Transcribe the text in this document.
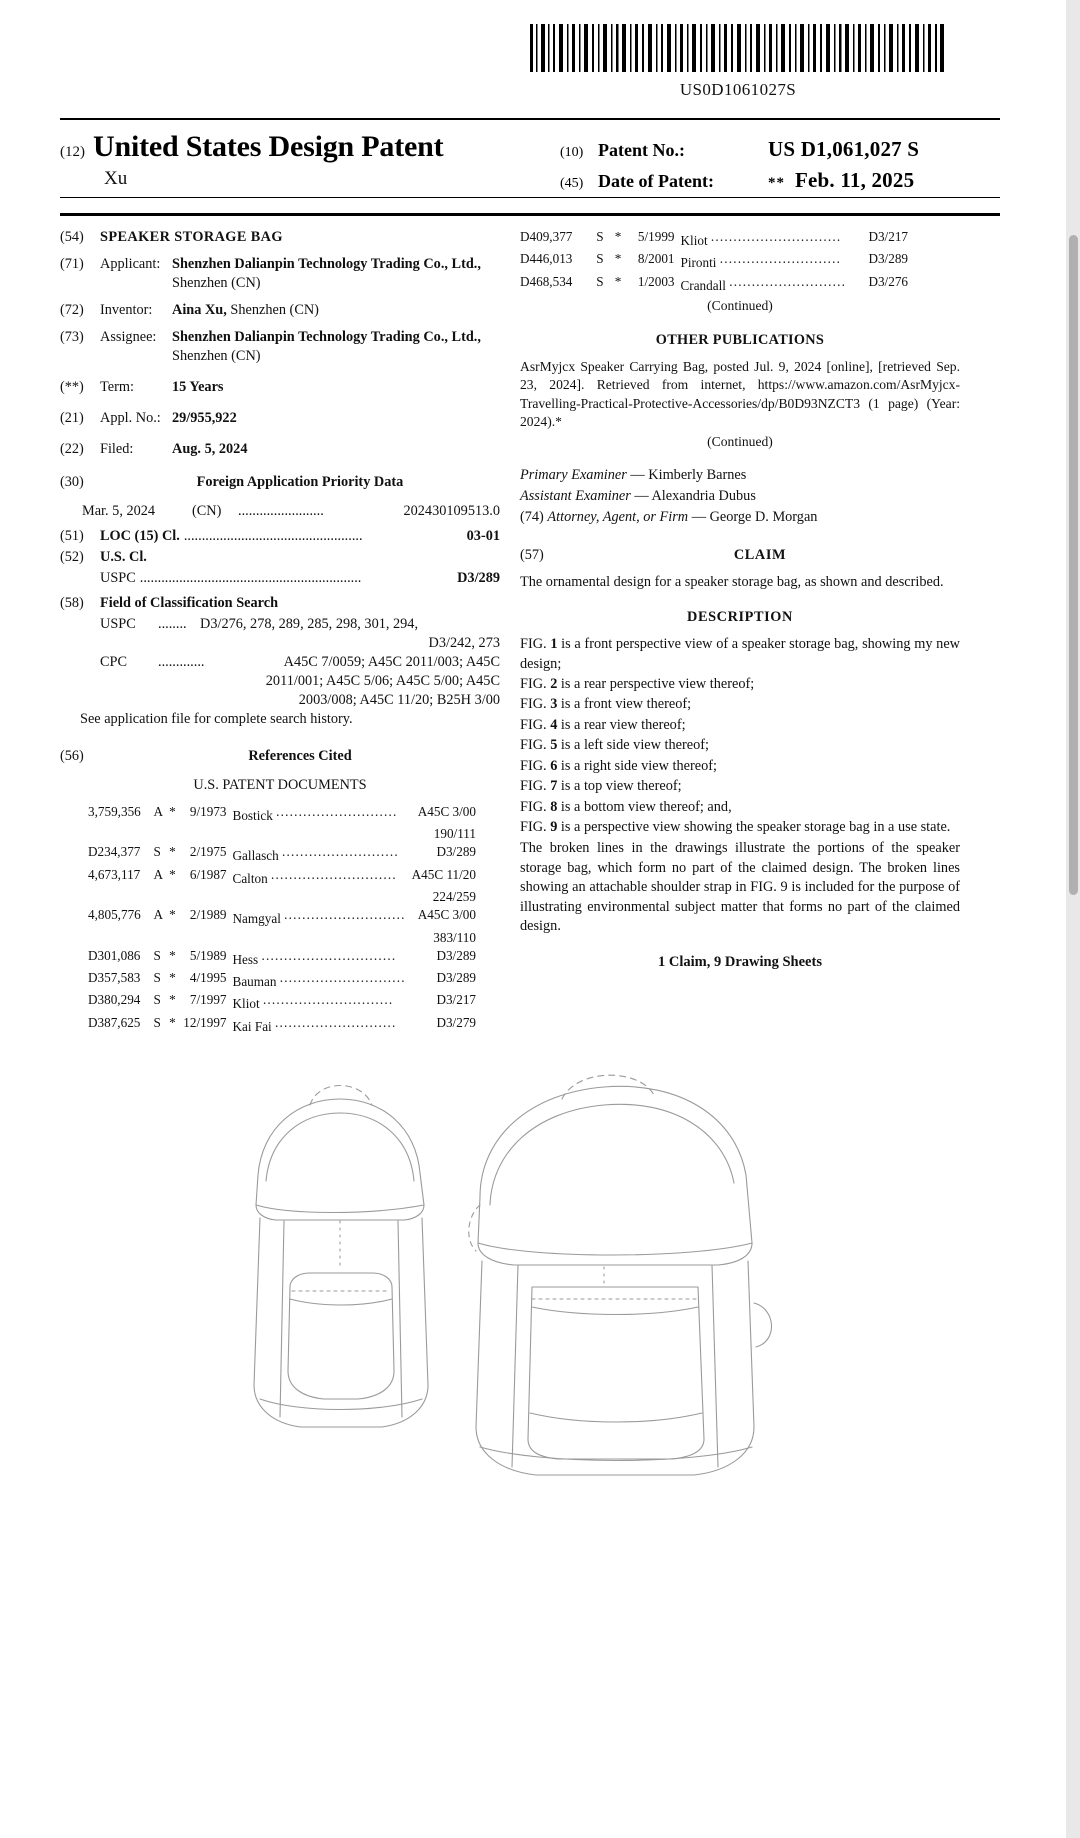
US0D1061027S
(12) United States Design Patent
Xu
(10) Patent No.:	US D1,061,027 S
(45) Date of Patent:	** Feb. 11, 2025
(54)	SPEAKER STORAGE BAG
(71)	Applicant: Shenzhen Dalianpin Technology Trading Co., Ltd.,
Shenzhen (CN)
(72)	Inventor: Aina Xu, Shenzhen (CN)
(73)	Assignee: Shenzhen Dalianpin Technology Trading Co., Ltd.,
Shenzhen (CN)
(**)	Term:	15 Years
(21)	Appl. No.: 29/955,922
(22)	Filed:	Aug. 5, 2024
(30)	Foreign Application Priority Data
Mar. 5, 2024	(CN)	........................	202430109513.0
(51)	LOC (15) Cl. ..................................................	03-01
(52)	U.S. Cl.
USPC ..............................................................	D3/289
(58)	Field of Classification Search
USPC	........ D3/276, 278, 289, 285, 298, 301, 294,
D3/242, 273
CPC	.............	A45C 7/0059; A45C 2011/003; A45C
2011/001; A45C 5/06; A45C 5/00; A45C
2003/008; A45C 11/20; B25H 3/00
See application file for complete search history.
(56)	References Cited
U.S. PATENT DOCUMENTS
3,759,356	A	*	9/1973	Bostick ...........................	A45C 3/00
190/111					
D234,377	S	*	2/1975	Gallasch ..........................	D3/289
4,673,117	A	*	6/1987	Calton ............................	A45C 11/20
224/259					
4,805,776	A	*	2/1989	Namgyal ...........................	A45C 3/00
383/110					
D301,086	S	*	5/1989	Hess ..............................	D3/289
D357,583	S	*	4/1995	Bauman ............................	D3/289
D380,294	S	*	7/1997	Kliot .............................	D3/217
D387,625	S	*	12/1997	Kai Fai ...........................	D3/279
D409,377	S	*	5/1999	Kliot .............................	D3/217
D446,013	S	*	8/2001	Pironti ...........................	D3/289
D468,534	S	*	1/2003	Crandall ..........................	D3/276
(Continued)
OTHER PUBLICATIONS
AsrMyjcx Speaker Carrying Bag, posted Jul. 9, 2024 [online], [retrieved Sep. 23, 2024]. Retrieved from internet, https://www.amazon.com/AsrMyjcx-Travelling-Practical-Protective-Accessories/dp/B0D93NZCT3 (1 page) (Year: 2024).*
(Continued)
Primary Examiner — Kimberly Barnes
Assistant Examiner — Alexandria Dubus
(74) Attorney, Agent, or Firm — George D. Morgan
(57)	CLAIM
The ornamental design for a speaker storage bag, as shown and described.
DESCRIPTION
FIG. 1 is a front perspective view of a speaker storage bag, showing my new design;
FIG. 2 is a rear perspective view thereof;
FIG. 3 is a front view thereof;
FIG. 4 is a rear view thereof;
FIG. 5 is a left side view thereof;
FIG. 6 is a right side view thereof;
FIG. 7 is a top view thereof;
FIG. 8 is a bottom view thereof; and,
FIG. 9 is a perspective view showing the speaker storage bag in a use state.
The broken lines in the drawings illustrate the portions of the speaker storage bag, which form no part of the claimed design. The broken lines showing an attachable shoulder strap in FIG. 9 is included for the purpose of illustrating environmental subject matter that forms no part of the claimed design.
1 Claim, 9 Drawing Sheets
